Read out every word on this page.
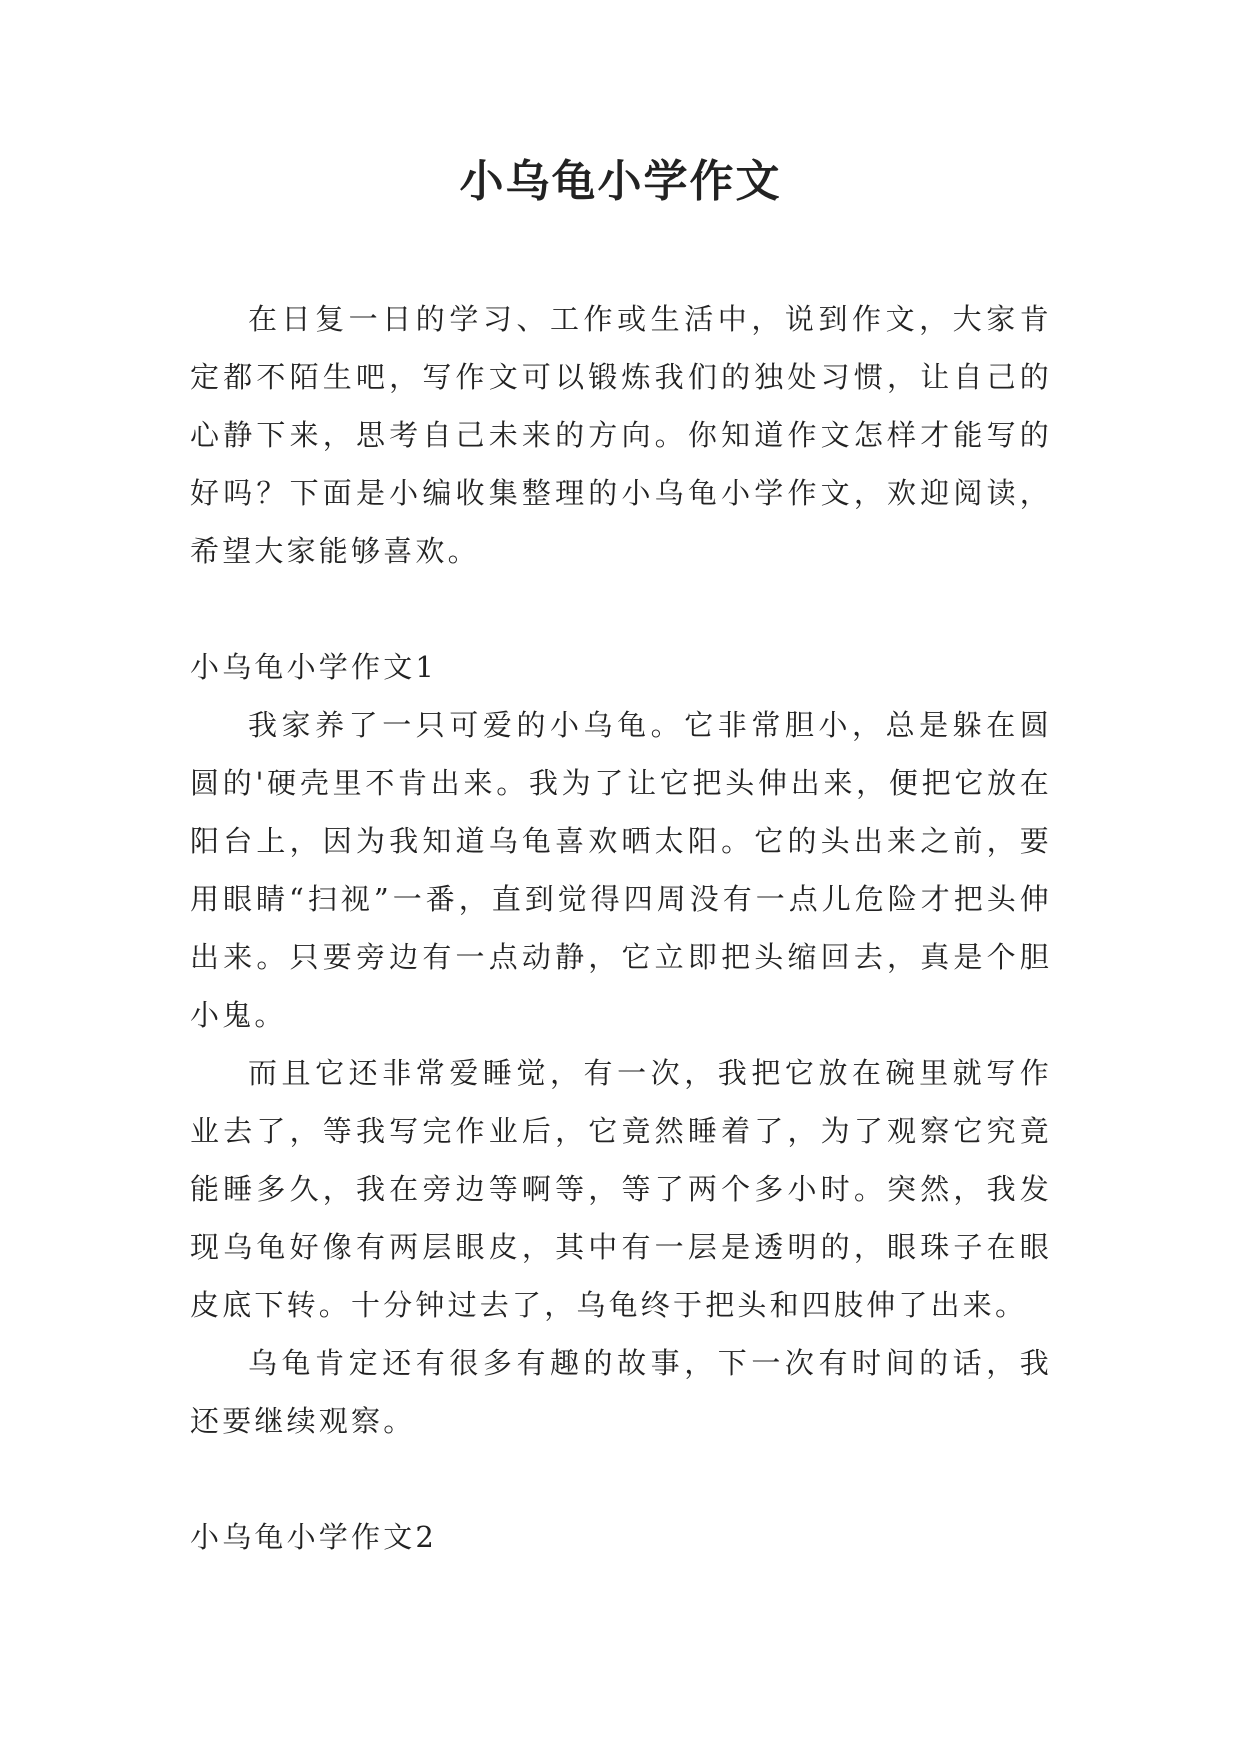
小乌龟小学作文

在日复一日的学习、工作或生活中，说到作文，大家肯定都不陌生吧，写作文可以锻炼我们的独处习惯，让自己的心静下来，思考自己未来的方向。你知道作文怎样才能写的好吗？下面是小编收集整理的小乌龟小学作文，欢迎阅读，希望大家能够喜欢。

小乌龟小学作文1

我家养了一只可爱的小乌龟。它非常胆小，总是躲在圆圆的'硬壳里不肯出来。我为了让它把头伸出来，便把它放在阳台上，因为我知道乌龟喜欢晒太阳。它的头出来之前，要用眼睛“扫视”一番，直到觉得四周没有一点儿危险才把头伸出来。只要旁边有一点动静，它立即把头缩回去，真是个胆小鬼。

而且它还非常爱睡觉，有一次，我把它放在碗里就写作业去了，等我写完作业后，它竟然睡着了，为了观察它究竟能睡多久，我在旁边等啊等，等了两个多小时。突然，我发现乌龟好像有两层眼皮，其中有一层是透明的，眼珠子在眼皮底下转。十分钟过去了，乌龟终于把头和四肢伸了出来。

乌龟肯定还有很多有趣的故事，下一次有时间的话，我还要继续观察。

小乌龟小学作文2
